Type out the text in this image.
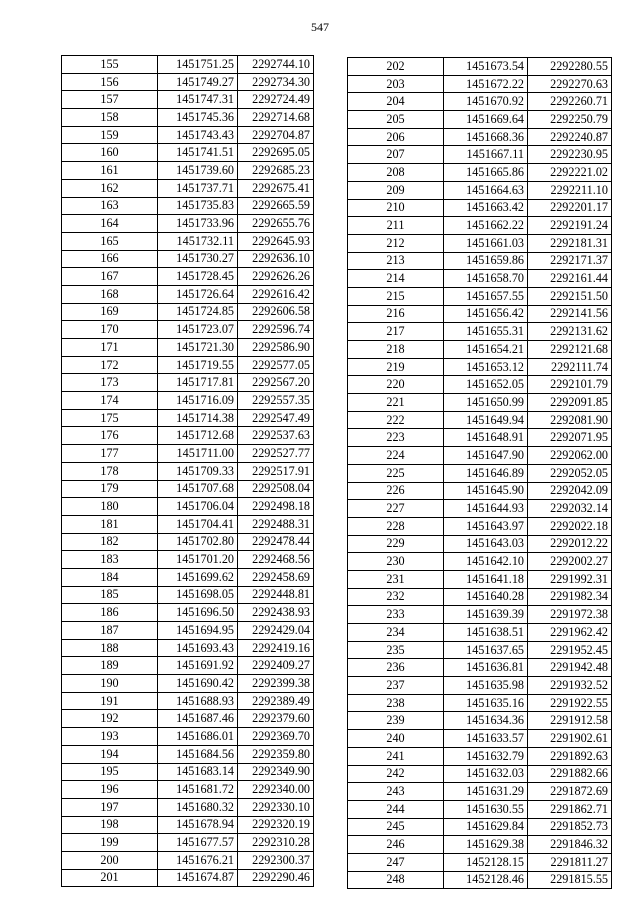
547
155	1451751.25	2292744.10
156	1451749.27	2292734.30
157	1451747.31	2292724.49
158	1451745.36	2292714.68
159	1451743.43	2292704.87
160	1451741.51	2292695.05
161	1451739.60	2292685.23
162	1451737.71	2292675.41
163	1451735.83	2292665.59
164	1451733.96	2292655.76
165	1451732.11	2292645.93
166	1451730.27	2292636.10
167	1451728.45	2292626.26
168	1451726.64	2292616.42
169	1451724.85	2292606.58
170	1451723.07	2292596.74
171	1451721.30	2292586.90
172	1451719.55	2292577.05
173	1451717.81	2292567.20
174	1451716.09	2292557.35
175	1451714.38	2292547.49
176	1451712.68	2292537.63
177	1451711.00	2292527.77
178	1451709.33	2292517.91
179	1451707.68	2292508.04
180	1451706.04	2292498.18
181	1451704.41	2292488.31
182	1451702.80	2292478.44
183	1451701.20	2292468.56
184	1451699.62	2292458.69
185	1451698.05	2292448.81
186	1451696.50	2292438.93
187	1451694.95	2292429.04
188	1451693.43	2292419.16
189	1451691.92	2292409.27
190	1451690.42	2292399.38
191	1451688.93	2292389.49
192	1451687.46	2292379.60
193	1451686.01	2292369.70
194	1451684.56	2292359.80
195	1451683.14	2292349.90
196	1451681.72	2292340.00
197	1451680.32	2292330.10
198	1451678.94	2292320.19
199	1451677.57	2292310.28
200	1451676.21	2292300.37
201	1451674.87	2292290.46
202	1451673.54	2292280.55
203	1451672.22	2292270.63
204	1451670.92	2292260.71
205	1451669.64	2292250.79
206	1451668.36	2292240.87
207	1451667.11	2292230.95
208	1451665.86	2292221.02
209	1451664.63	2292211.10
210	1451663.42	2292201.17
211	1451662.22	2292191.24
212	1451661.03	2292181.31
213	1451659.86	2292171.37
214	1451658.70	2292161.44
215	1451657.55	2292151.50
216	1451656.42	2292141.56
217	1451655.31	2292131.62
218	1451654.21	2292121.68
219	1451653.12	2292111.74
220	1451652.05	2292101.79
221	1451650.99	2292091.85
222	1451649.94	2292081.90
223	1451648.91	2292071.95
224	1451647.90	2292062.00
225	1451646.89	2292052.05
226	1451645.90	2292042.09
227	1451644.93	2292032.14
228	1451643.97	2292022.18
229	1451643.03	2292012.22
230	1451642.10	2292002.27
231	1451641.18	2291992.31
232	1451640.28	2291982.34
233	1451639.39	2291972.38
234	1451638.51	2291962.42
235	1451637.65	2291952.45
236	1451636.81	2291942.48
237	1451635.98	2291932.52
238	1451635.16	2291922.55
239	1451634.36	2291912.58
240	1451633.57	2291902.61
241	1451632.79	2291892.63
242	1451632.03	2291882.66
243	1451631.29	2291872.69
244	1451630.55	2291862.71
245	1451629.84	2291852.73
246	1451629.38	2291846.32
247	1452128.15	2291811.27
248	1452128.46	2291815.55
